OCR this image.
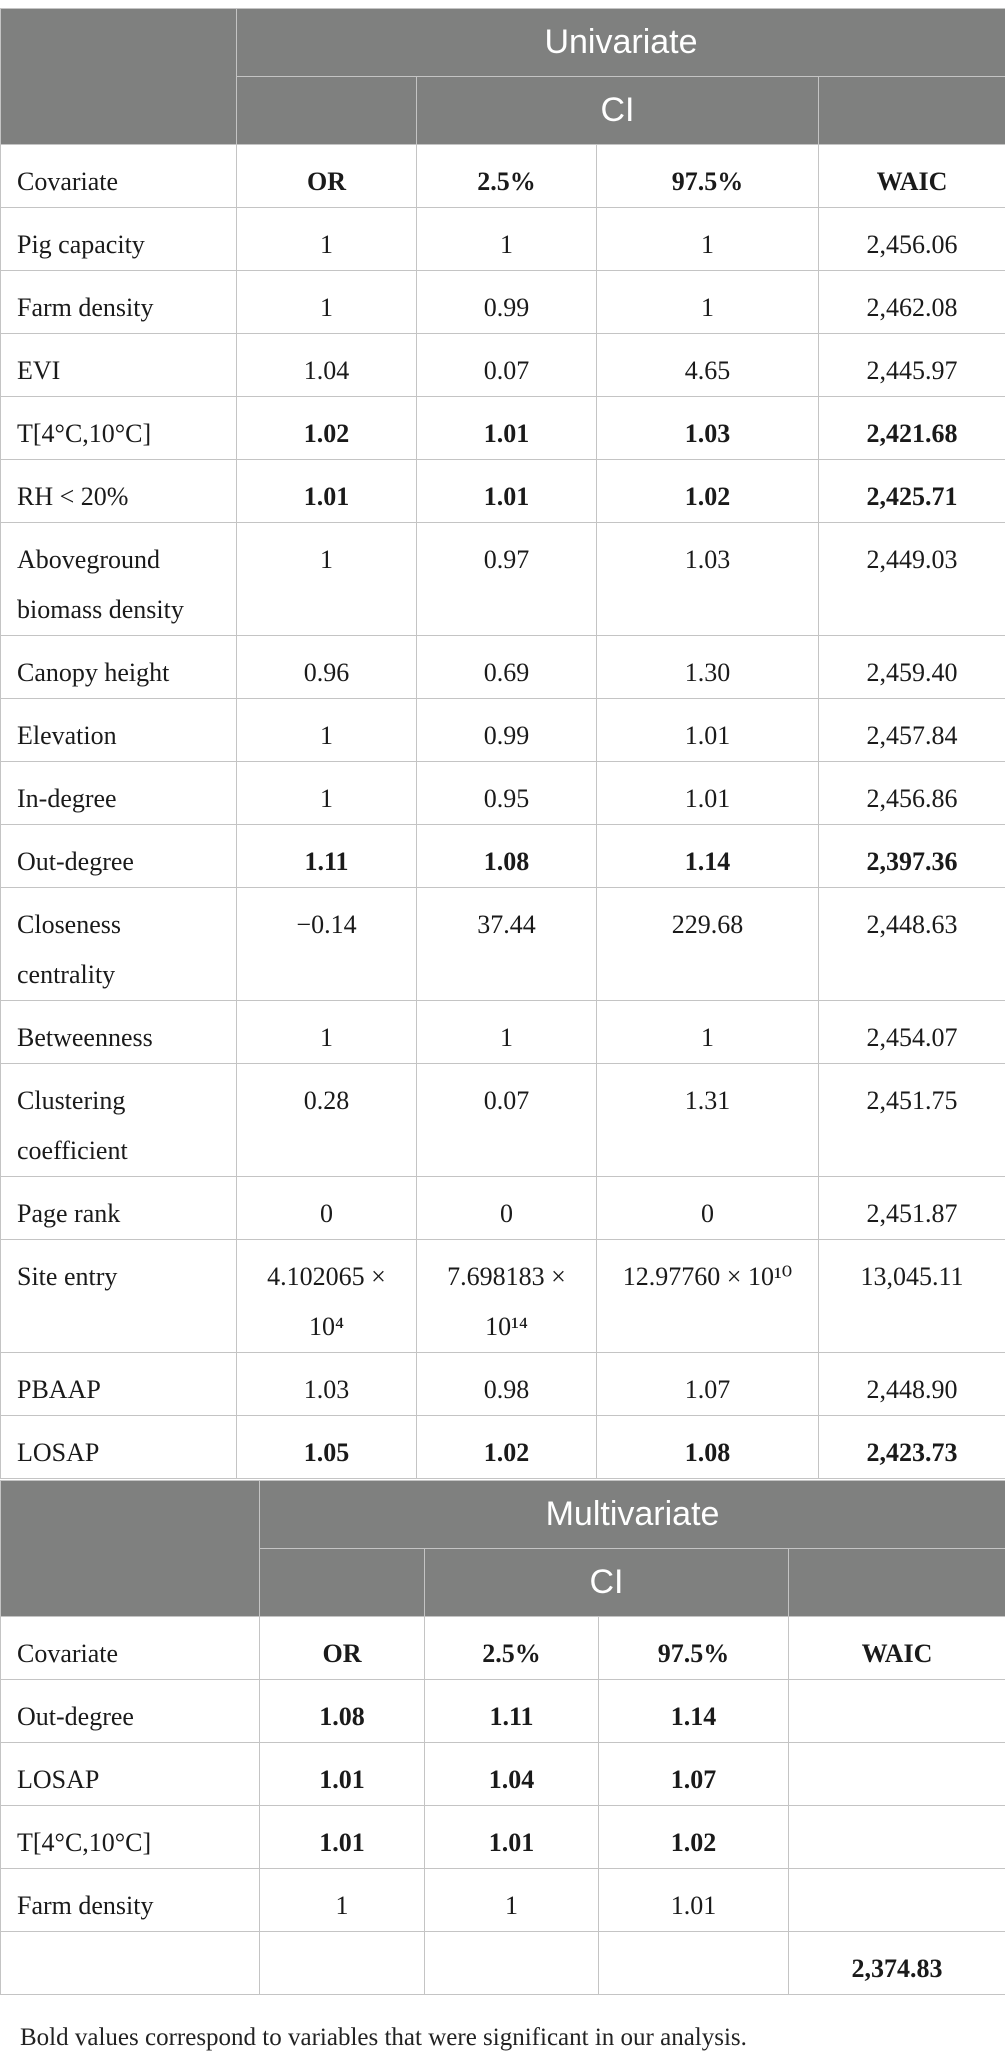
	Univariate			
		CI		

Covariate	OR	2.5%	97.5%	WAIC

Pig capacity	1	1	1	2,456.06

Farm density	1	0.99	1	2,462.08

EVI	1.04	0.07	4.65	2,445.97

T[4°C,10°C]	1.02	1.01	1.03	2,421.68

RH < 20%	1.01	1.01	1.02	2,425.71

Aboveground biomass density	1	0.97	1.03	2,449.03

Canopy height	0.96	0.69	1.30	2,459.40

Elevation	1	0.99	1.01	2,457.84

In-degree	1	0.95	1.01	2,456.86

Out-degree	1.11	1.08	1.14	2,397.36

Closeness centrality	−0.14	37.44	229.68	2,448.63

Betweenness	1	1	1	2,454.07

Clustering coefficient	0.28	0.07	1.31	2,451.75

Page rank	0	0	0	2,451.87

Site entry	4.102065 × 10⁴	7.698183 × 10¹⁴	12.97760 × 10¹⁰	13,045.11

PBAAP	1.03	0.98	1.07	2,448.90

LOSAP	1.05	1.02	1.08	2,423.73
	Multivariate			
		CI		

Covariate	OR	2.5%	97.5%	WAIC

Out-degree	1.08	1.11	1.14	

LOSAP	1.01	1.04	1.07	

T[4°C,10°C]	1.01	1.01	1.02	

Farm density	1	1	1.01	

				2,374.83
Bold values correspond to variables that were significant in our analysis.
